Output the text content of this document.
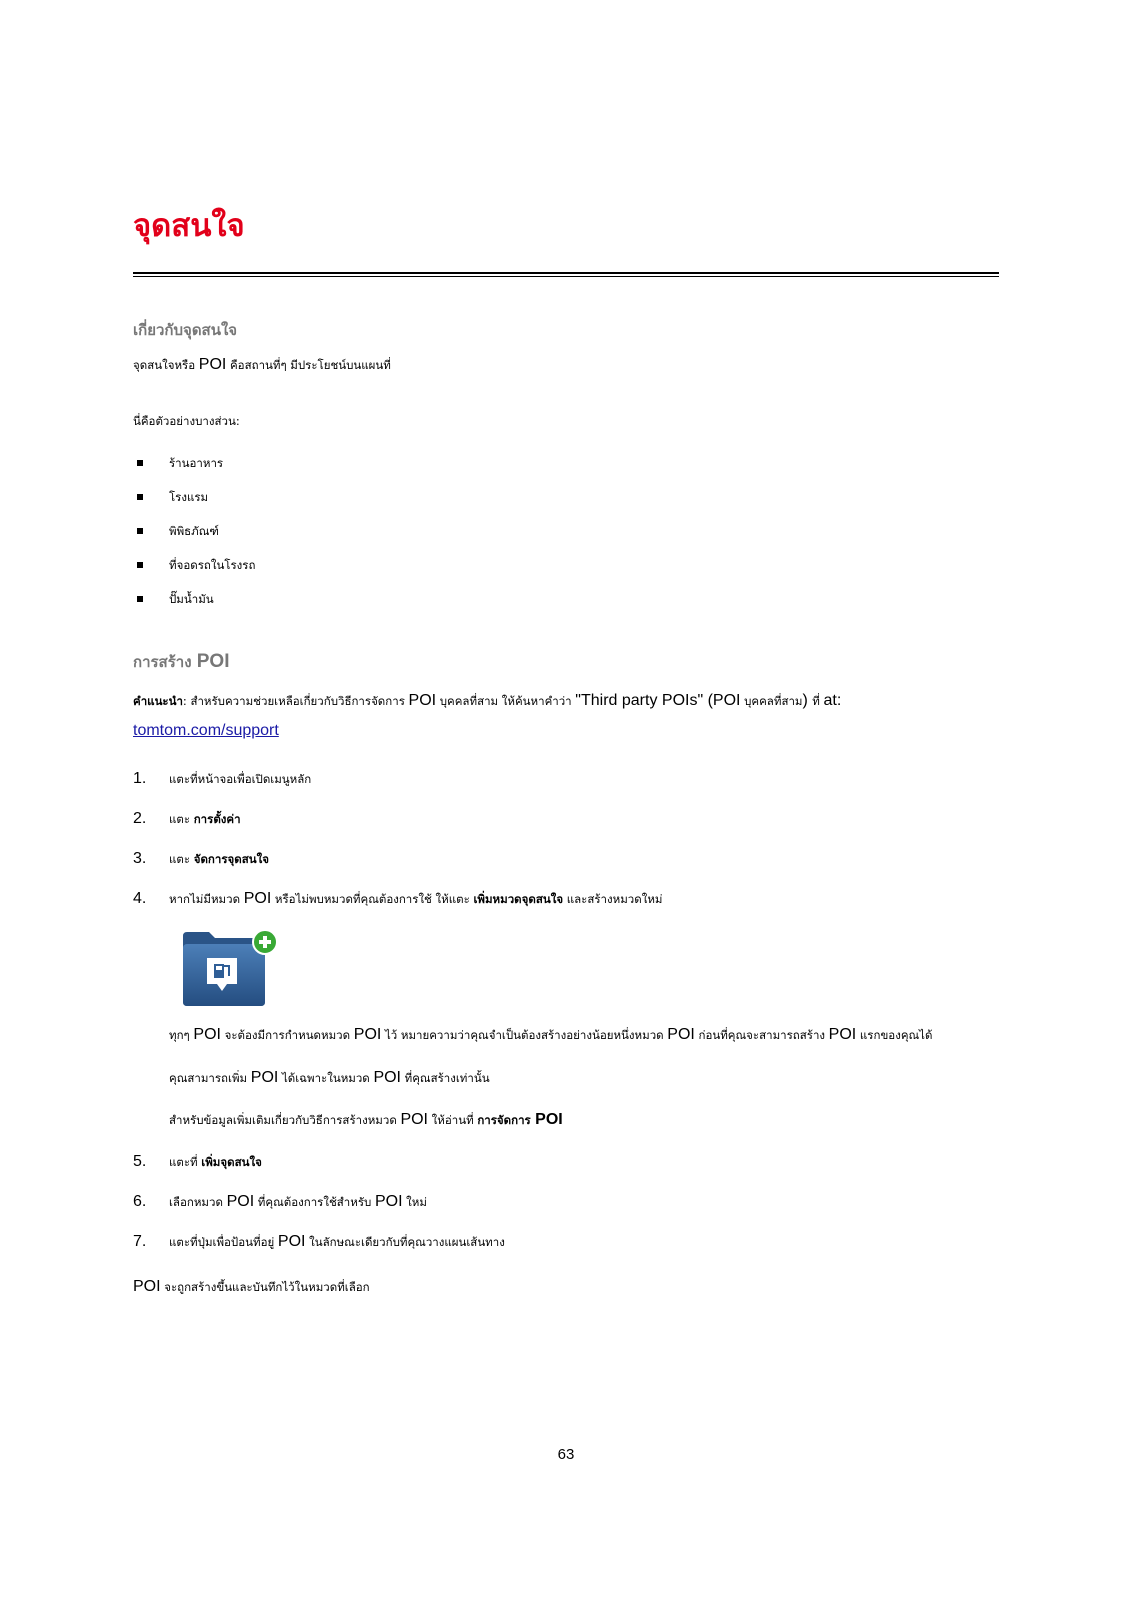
จุดสนใจ
เกี่ยวกับจุดสนใจ

จุดสนใจหรือ POI คือสถานที่ๆ มีประโยชน์บนแผนที่

นี่คือตัวอย่างบางส่วน:

ร้านอาหาร
โรงแรม
พิพิธภัณฑ์
ที่จอดรถในโรงรถ
ปั๊มน้ำมัน
การสร้าง POI

คำแนะนำ: สำหรับความช่วยเหลือเกี่ยวกับวิธีการจัดการ POI บุคคลที่สาม ให้ค้นหาคำว่า "Third party POIs" (POI บุคคลที่สาม) ที่ at:

tomtom.com/support
1. แตะที่หน้าจอเพื่อเปิดเมนูหลัก
2. แตะ การตั้งค่า
3. แตะ จัดการจุดสนใจ
4. หากไม่มีหมวด POI หรือไม่พบหมวดที่คุณต้องการใช้ ให้แตะ เพิ่มหมวดจุดสนใจ และสร้างหมวดใหม่

ทุกๆ POI จะต้องมีการกำหนดหมวด POI ไว้ หมายความว่าคุณจำเป็นต้องสร้างอย่างน้อยหนึ่งหมวด POI ก่อนที่คุณจะสามารถสร้าง POI แรกของคุณได้

คุณสามารถเพิ่ม POI ได้เฉพาะในหมวด POI ที่คุณสร้างเท่านั้น

สำหรับข้อมูลเพิ่มเติมเกี่ยวกับวิธีการสร้างหมวด POI ให้อ่านที่ การจัดการ POI

5. แตะที่ เพิ่มจุดสนใจ
6. เลือกหมวด POI ที่คุณต้องการใช้สำหรับ POI ใหม่
7. แตะที่ปุ่มเพื่อป้อนที่อยู่ POI ในลักษณะเดียวกับที่คุณวางแผนเส้นทาง

POI จะถูกสร้างขึ้นและบันทึกไว้ในหมวดที่เลือก

63
